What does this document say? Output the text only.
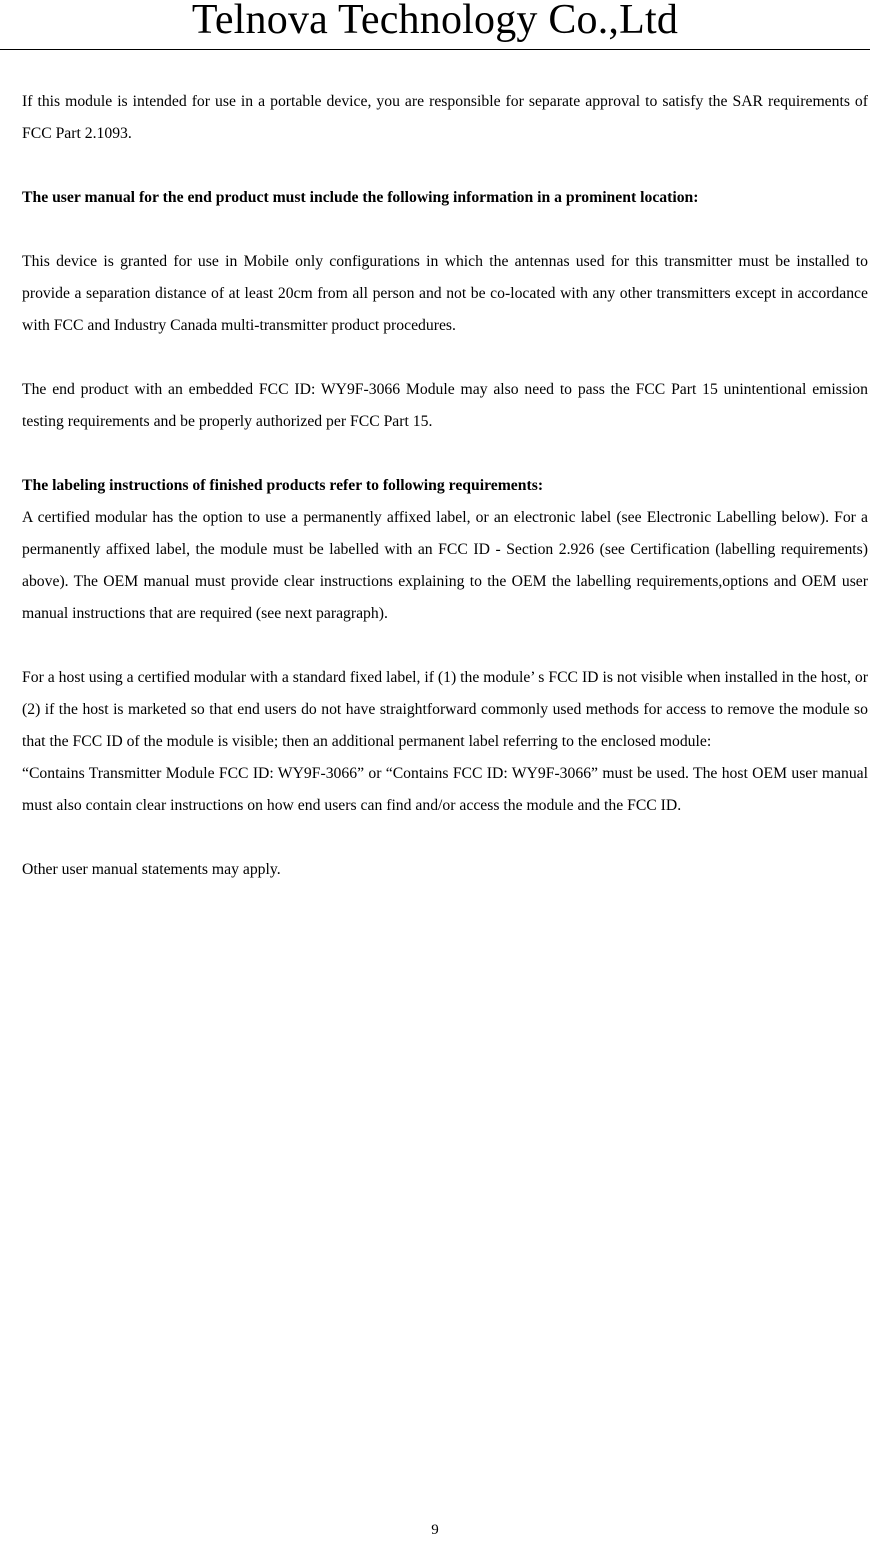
Telnova Technology Co.,Ltd

If this module is intended for use in a portable device, you are responsible for separate approval to satisfy the SAR requirements of FCC Part 2.1093.

The user manual for the end product must include the following information in a prominent location:

This device is granted for use in Mobile only configurations in which the antennas used for this transmitter must be installed to provide a separation distance of at least 20cm from all person and not be co-located with any other transmitters except in accordance with FCC and Industry Canada multi-transmitter product procedures.

The end product with an embedded FCC ID: WY9F-3066 Module may also need to pass the FCC Part 15 unintentional emission testing requirements and be properly authorized per FCC Part 15.

The labeling instructions of finished products refer to following requirements:

A certified modular has the option to use a permanently affixed label, or an electronic label (see Electronic Labelling below). For a permanently affixed label, the module must be labelled with an FCC ID - Section 2.926 (see Certification (labelling requirements) above). The OEM manual must provide clear instructions explaining to the OEM the labelling requirements,options and OEM user manual instructions that are required (see next paragraph).

For a host using a certified modular with a standard fixed label, if (1) the module’ s FCC ID is not visible when installed in the host, or (2) if the host is marketed so that end users do not have straightforward commonly used methods for access to remove the module so that the FCC ID of the module is visible; then an additional permanent label referring to the enclosed module:

“Contains Transmitter Module FCC ID: WY9F-3066” or “Contains FCC ID: WY9F-3066” must be used. The host OEM user manual must also contain clear instructions on how end users can find and/or access the module and the FCC ID.

Other user manual statements may apply.

9
